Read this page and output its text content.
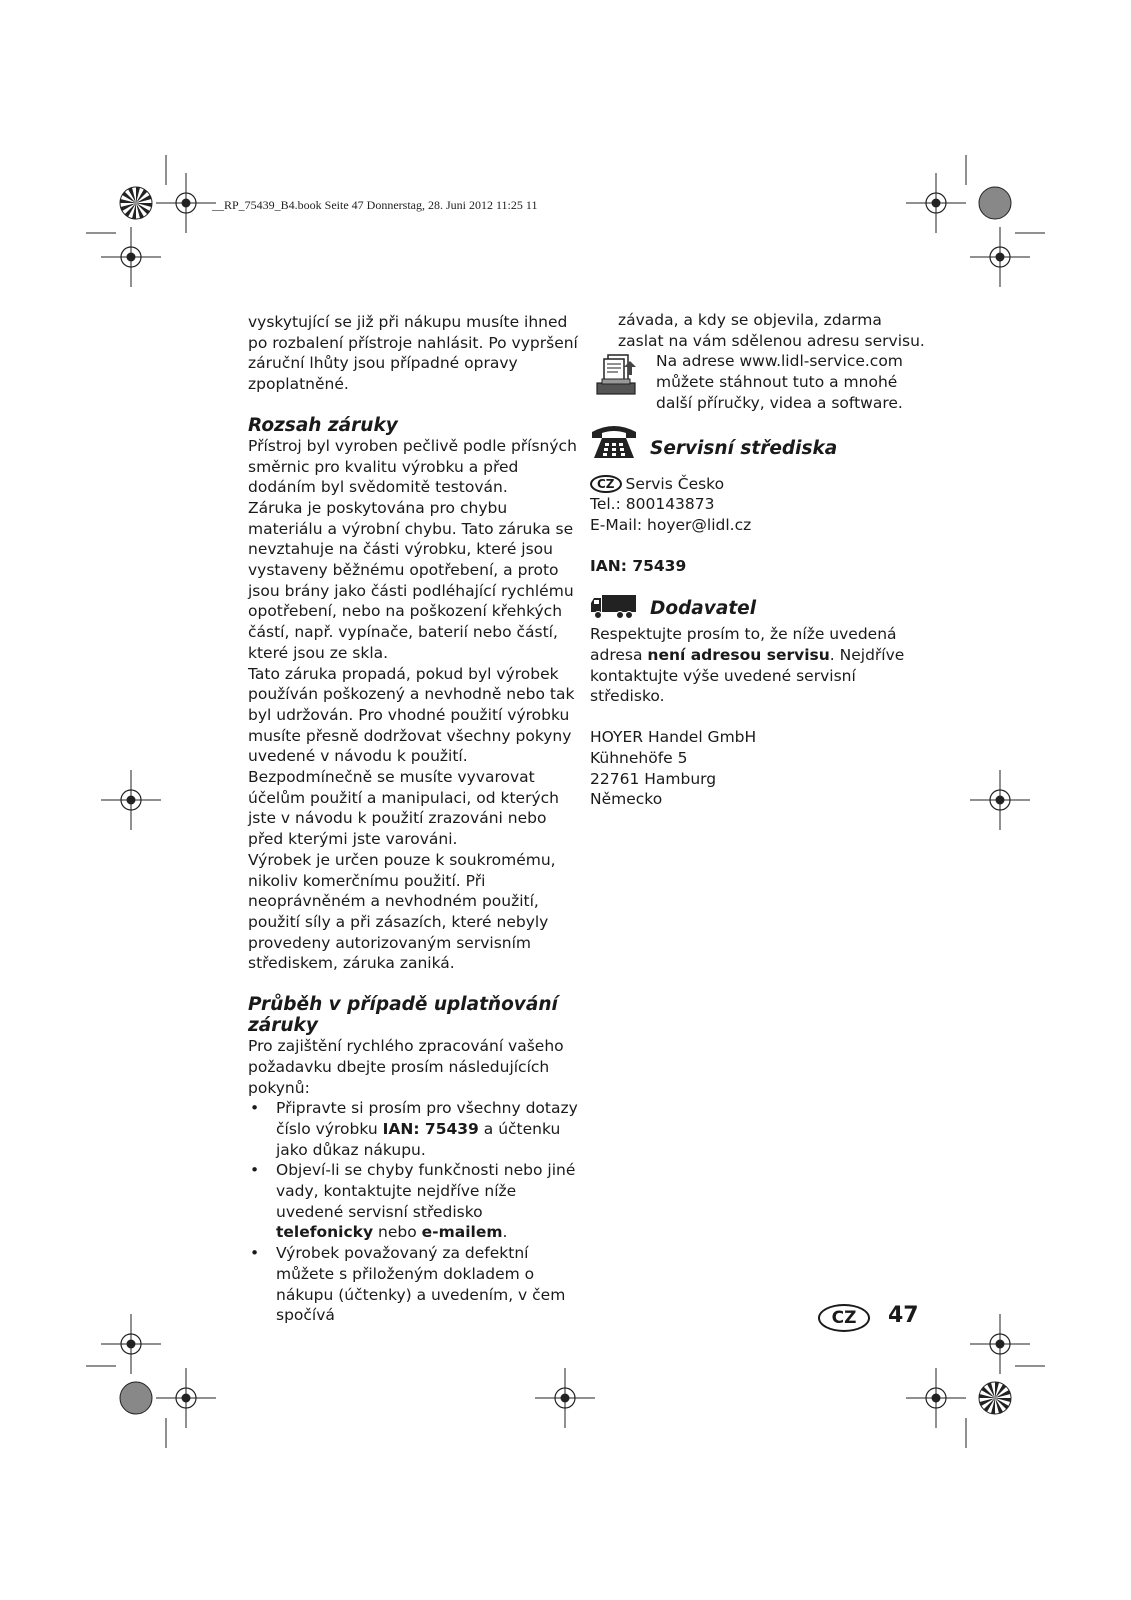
__RP_75439_B4.book Seite 47 Donnerstag, 28. Juni 2012 11:25 11

vyskytující se již při nákupu musíte ihned po rozbalení přístroje nahlásit. Po vypršení záruční lhůty jsou případné opravy zpoplatněné.

Rozsah záruky

Přístroj byl vyroben pečlivě podle přísných směrnic pro kvalitu výrobku a před dodáním byl svědomitě testován.

Záruka je poskytována pro chybu materiálu a výrobní chybu. Tato záruka se nevztahuje na části výrobku, které jsou vystaveny běžnému opotřebení, a proto jsou brány jako části podléhající rychlému opotřebení, nebo na poškození křehkých částí, např. vypínače, baterií nebo částí, které jsou ze skla.

Tato záruka propadá, pokud byl výrobek používán poškozený a nevhodně nebo tak byl udržován. Pro vhodné použití výrobku musíte přesně dodržovat všechny pokyny uvedené v návodu k použití. Bezpodmínečně se musíte vyvarovat účelům použití a manipulaci, od kterých jste v návodu k použití zrazováni nebo před kterými jste varováni.

Výrobek je určen pouze k soukromému, nikoliv komerčnímu použití. Při neoprávněném a nevhodném použití, použití síly a při zásazích, které nebyly provedeny autorizovaným servisním střediskem, záruka zaniká.

Průběh v případě uplatňování záruky

Pro zajištění rychlého zpracování vašeho požadavku dbejte prosím následujících pokynů:

• Připravte si prosím pro všechny dotazy číslo výrobku IAN: 75439 a účtenku jako důkaz nákupu.
• Objeví-li se chyby funkčnosti nebo jiné vady, kontaktujte nejdříve níže uvedené servisní středisko telefonicky nebo e-mailem.
• Výrobek považovaný za defektní můžete s přiloženým dokladem o nákupu (účtenky) a uvedením, v čem spočívá

závada, a kdy se objevila, zdarma

zaslat na vám sdělenou adresu servisu.

Na adrese www.lidl-service.com můžete stáhnout tuto a mnohé další příručky, videa a software.

Servisní střediska

CZ Servis Česko

Tel.: 800143873

E-Mail: hoyer@lidl.cz

IAN: 75439

Dodavatel

Respektujte prosím to, že níže uvedená adresa není adresou servisu. Nejdříve kontaktujte výše uvedené servisní středisko.

HOYER Handel GmbH

Kühnehöfe 5

22761 Hamburg

Německo

CZ	47
